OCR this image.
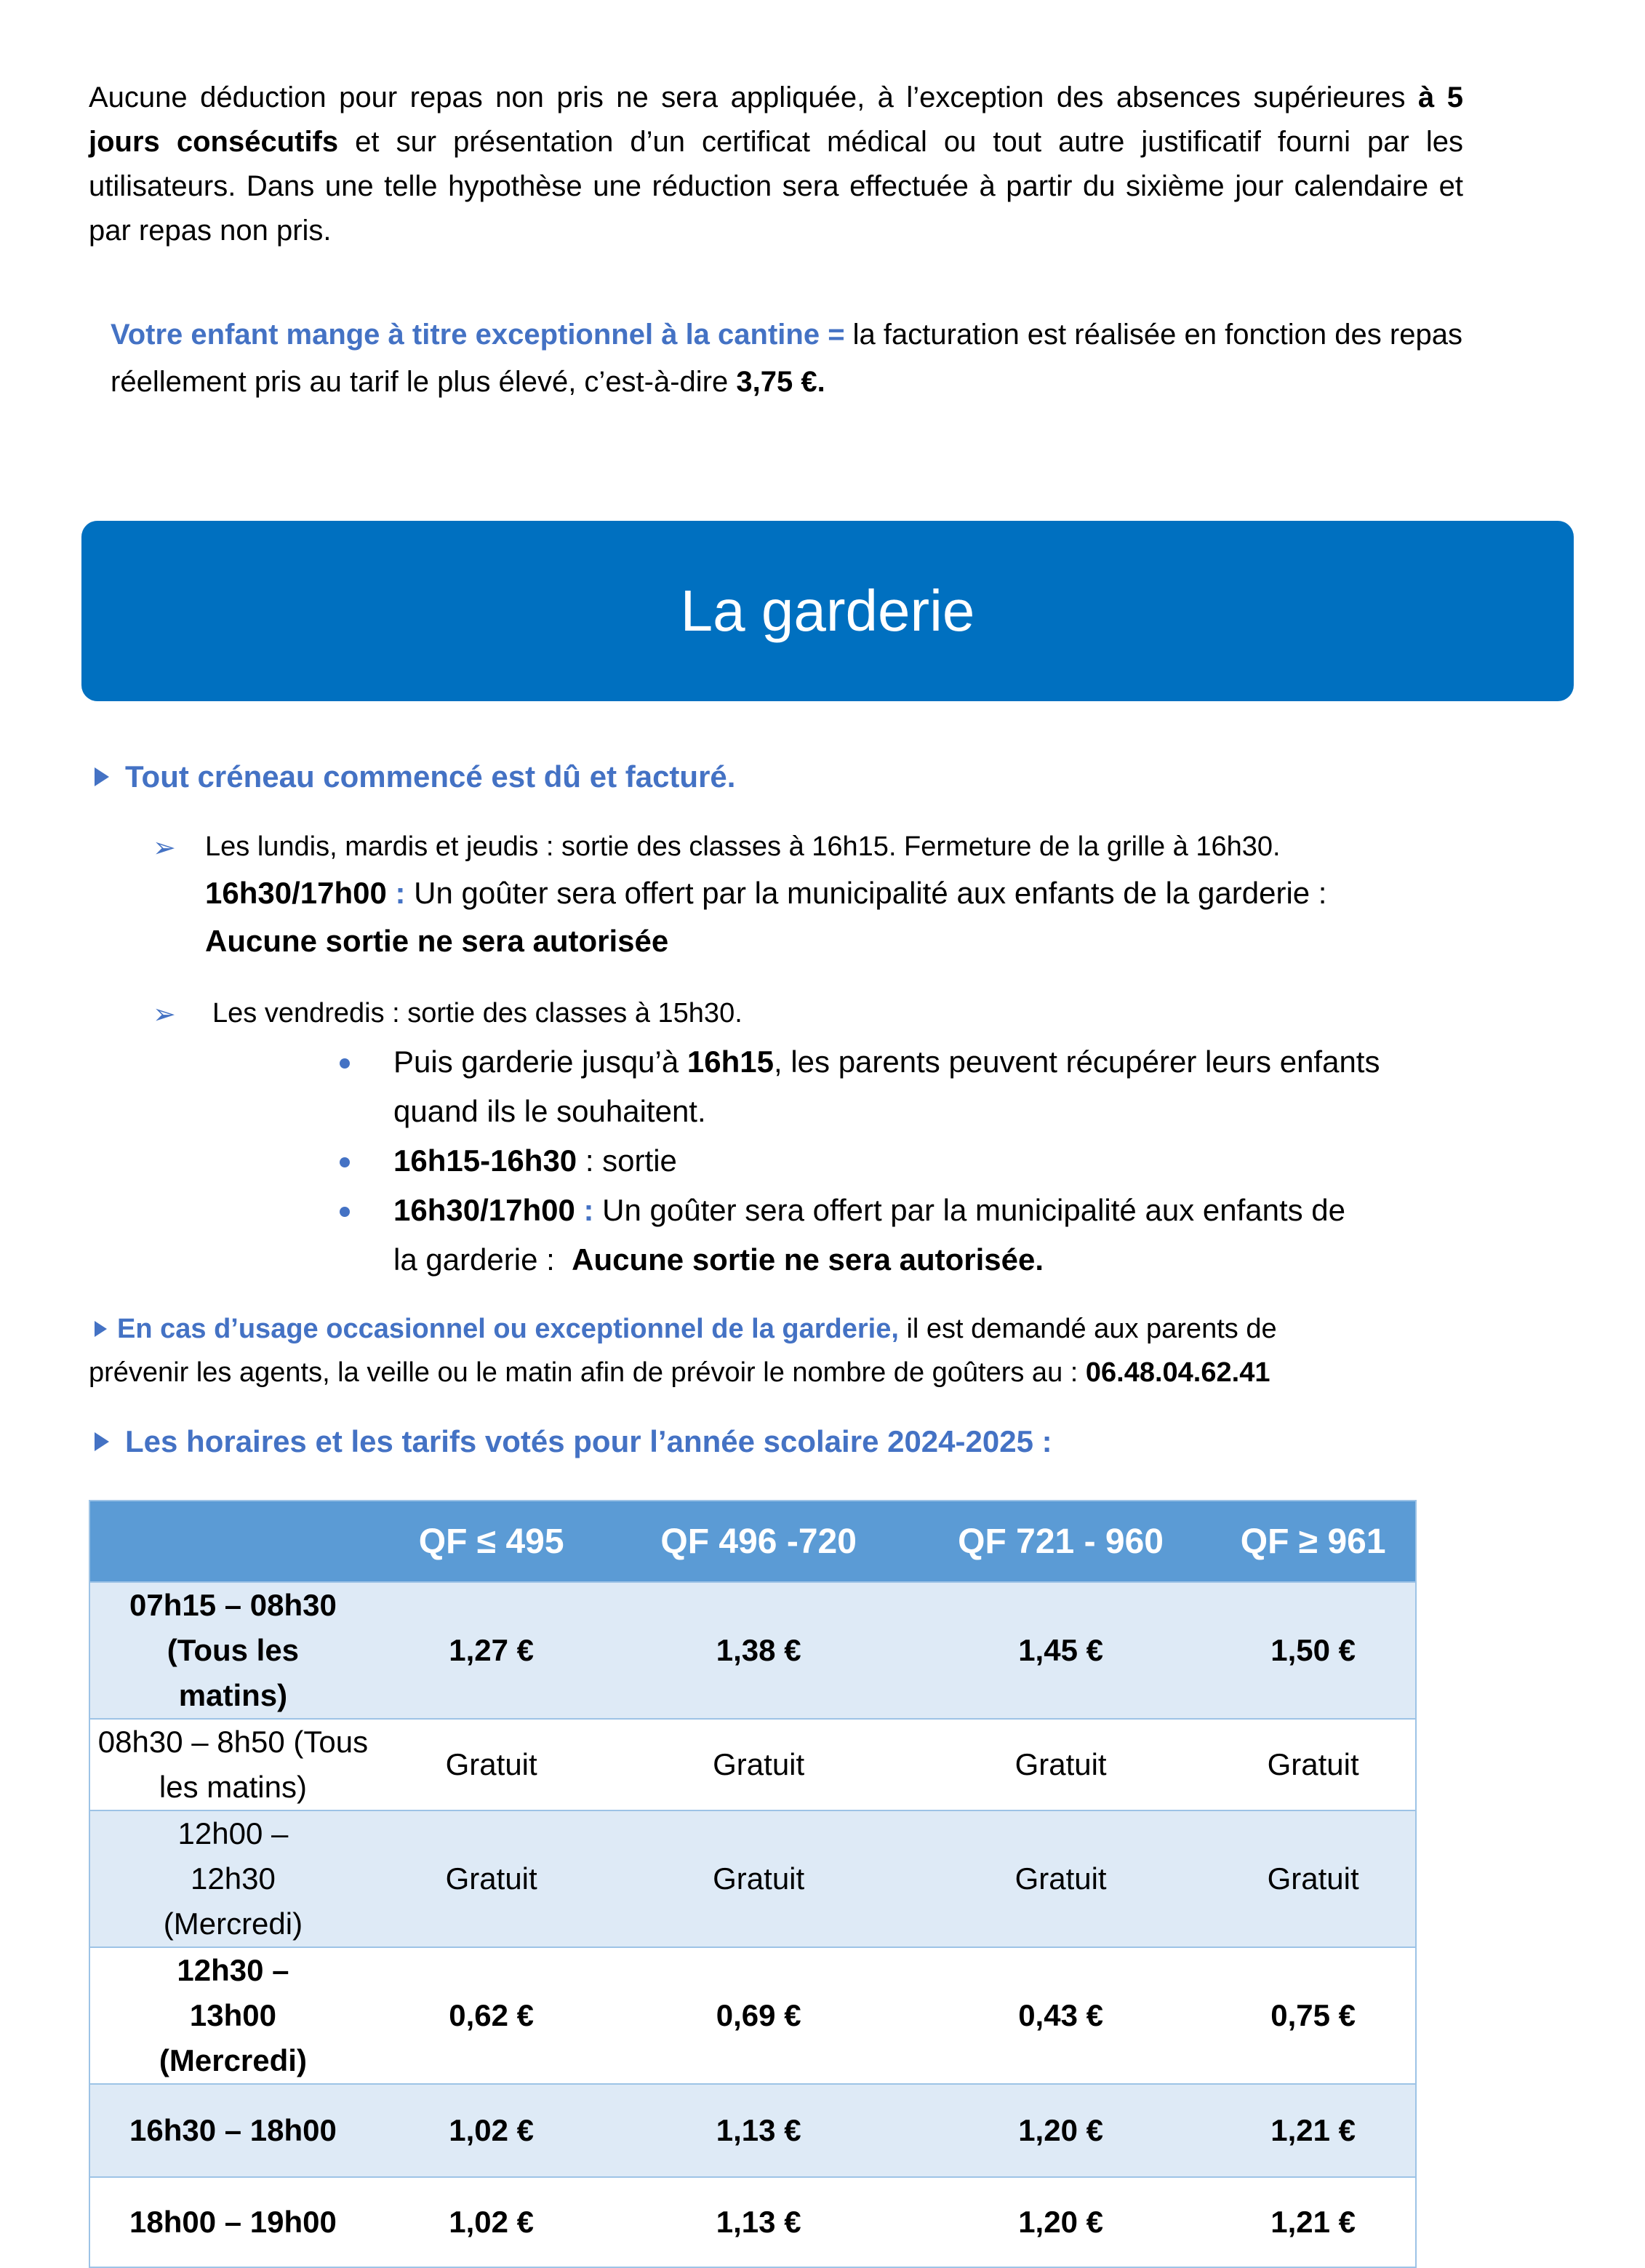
Aucune déduction pour repas non pris ne sera appliquée, à l’exception des absences supérieures à 5 jours consécutifs et sur présentation d’un certificat médical ou tout autre justificatif fourni par les utilisateurs. Dans une telle hypothèse une réduction sera effectuée à partir du sixième jour calendaire et par repas non pris.
Votre enfant mange à titre exceptionnel à la cantine = la facturation est réalisée en fonction des repas réellement pris au tarif le plus élevé, c’est-à-dire 3,75 €.
La garderie
Tout créneau commencé est dû et facturé.
➢ Les lundis, mardis et jeudis : sortie des classes à 16h15. Fermeture de la grille à 16h30.
16h30/17h00 : Un goûter sera offert par la municipalité aux enfants de la garderie :
Aucune sortie ne sera autorisée
➢ Les vendredis : sortie des classes à 15h30.
Puis garderie jusqu’à 16h15, les parents peuvent récupérer leurs enfants
quand ils le souhaitent.
16h15-16h30 : sortie
16h30/17h00 : Un goûter sera offert par la municipalité aux enfants de
la garderie :  Aucune sortie ne sera autorisée.
En cas d’usage occasionnel ou exceptionnel de la garderie, il est demandé aux parents de
prévenir les agents, la veille ou le matin afin de prévoir le nombre de goûters au : 06.48.04.62.41
Les horaires et les tarifs votés pour l’année scolaire 2024-2025 :
	QF ≤ 495	QF 496 -720	QF 721 - 960	QF ≥ 961
07h15 – 08h30 (Tous les matins)	1,27 €	1,38 €	1,45 €	1,50 €
08h30 – 8h50 (Tous les matins)	Gratuit	Gratuit	Gratuit	Gratuit
12h00 – 12h30 (Mercredi)	Gratuit	Gratuit	Gratuit	Gratuit
12h30 – 13h00 (Mercredi)	0,62 €	0,69 €	0,43 €	0,75 €
16h30 – 18h00	1,02 €	1,13 €	1,20 €	1,21 €
18h00 – 19h00	1,02 €	1,13 €	1,20 €	1,21 €
